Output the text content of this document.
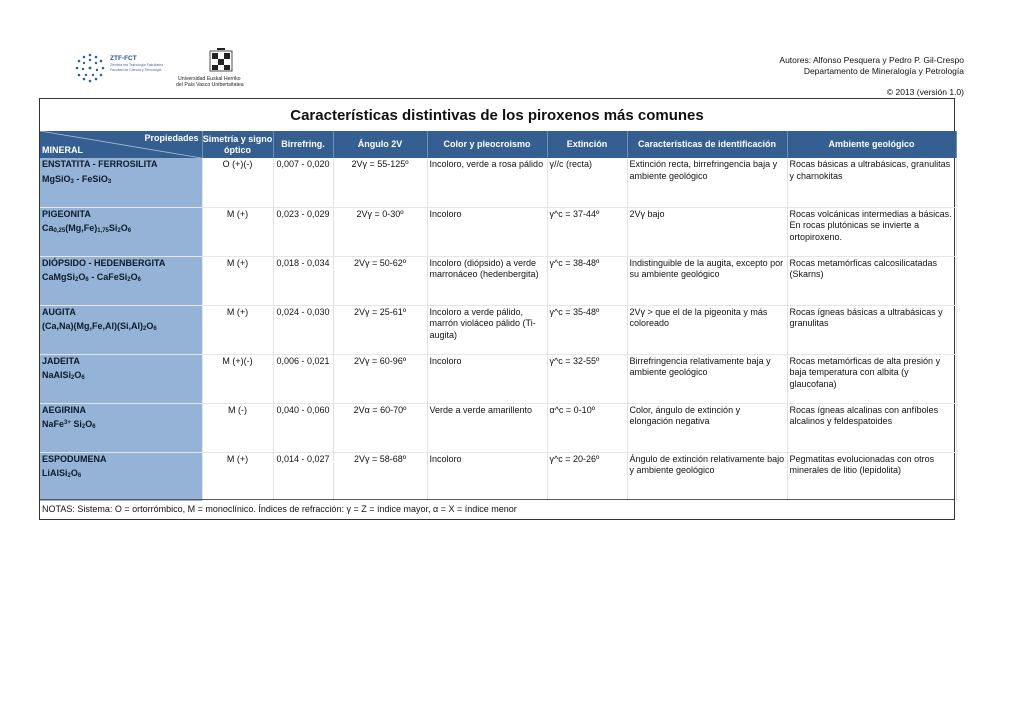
ZTF-FCT
Zientzia eta Teknologia Fakultatea · Facultad de Ciencia y Tecnología
Universidad Euskal Herriko
del País Vasco Unibertsitatea
Autores: Alfonso Pesquera y Pedro P. Gil-Crespo
Departamento de Mineralogía y Petrología
© 2013 (versión 1.0)
Características distintivas de los piroxenos más comunes
Propiedades
MINERAL	Simetría y signo óptico	Birrefring.	Ángulo 2V	Color y pleocroismo	Extinción	Características de identificación	Ambiente geológico

ENSTATITA - FERROSILITA
MgSiO$_3$ - FeSiO$_3$	O (+)(-)	0,007 - 0,020	2Vγ = 55-125º	Incoloro, verde a rosa pálido	γ//c (recta)	Extinción recta, birrefringencia baja y ambiente geológico	Rocas básicas a ultrabásicas, granulitas y charnokitas

PIGEONITA
$Ca_{0,25}(Mg,Fe)_{1,75}Si_2O_6$	M (+)	0,023 - 0,029	2Vγ = 0-30º	Incoloro	γ^c = 37-44º	2Vγ bajo	Rocas volcánicas intermedias a básicas. En rocas plutónicas se invierte a ortopiroxeno.

DIÓPSIDO - HEDENBERGITA
$CaMgSi_2O_6$ - $CaFeSi_2O_6$	M (+)	0,018 - 0,034	2Vγ = 50-62º	Incoloro (diópsido) a verde marronáceo (hedenbergita)	γ^c = 38-48º	Indistinguible de la augita, excepto por su ambiente geológico	Rocas metamórficas calcosilicatadas (Skarns)

AUGITA
$(Ca,Na)(Mg,Fe,Al)(Si,Al)_2O_6$	M (+)	0,024 - 0,030	2Vγ = 25-61º	Incoloro a verde pálido, marrón violáceo pálido (Ti-augita)	γ^c = 35-48º	2Vγ > que el de la pigeonita y más coloreado	Rocas ígneas básicas a ultrabásicas y granulitas

JADEITA
$NaAlSi_2O_6$	M (+)(-)	0,006 - 0,021	2Vγ = 60-96º	Incoloro	γ^c = 32-55º	Birrefringencia relativamente baja y ambiente geológico	Rocas metamórficas de alta presión y baja temperatura con albita (y glaucofana)

AEGIRINA
NaFe$^{3+}$ $Si_2O_6$	M (-)	0,040 - 0,060	2Vα = 60-70º	Verde a verde amarillento	α^c = 0-10º	Color, ángulo de extinción y elongación negativa	Rocas ígneas alcalinas con anfíboles alcalinos y feldespatoides

ESPODUMENA
$LiAlSi_2O_6$	M (+)	0,014 - 0,027	2Vγ = 58-68º	Incoloro	γ^c = 20-26º	Ángulo de extinción relativamente bajo y ambiente geológico	Pegmatitas evolucionadas con otros minerales de litio (lepidolita)
NOTAS: Sistema: O = ortorrómbico, M = monoclínico. Índices de refracción: γ = Z = índice mayor, α = X = índice menor
